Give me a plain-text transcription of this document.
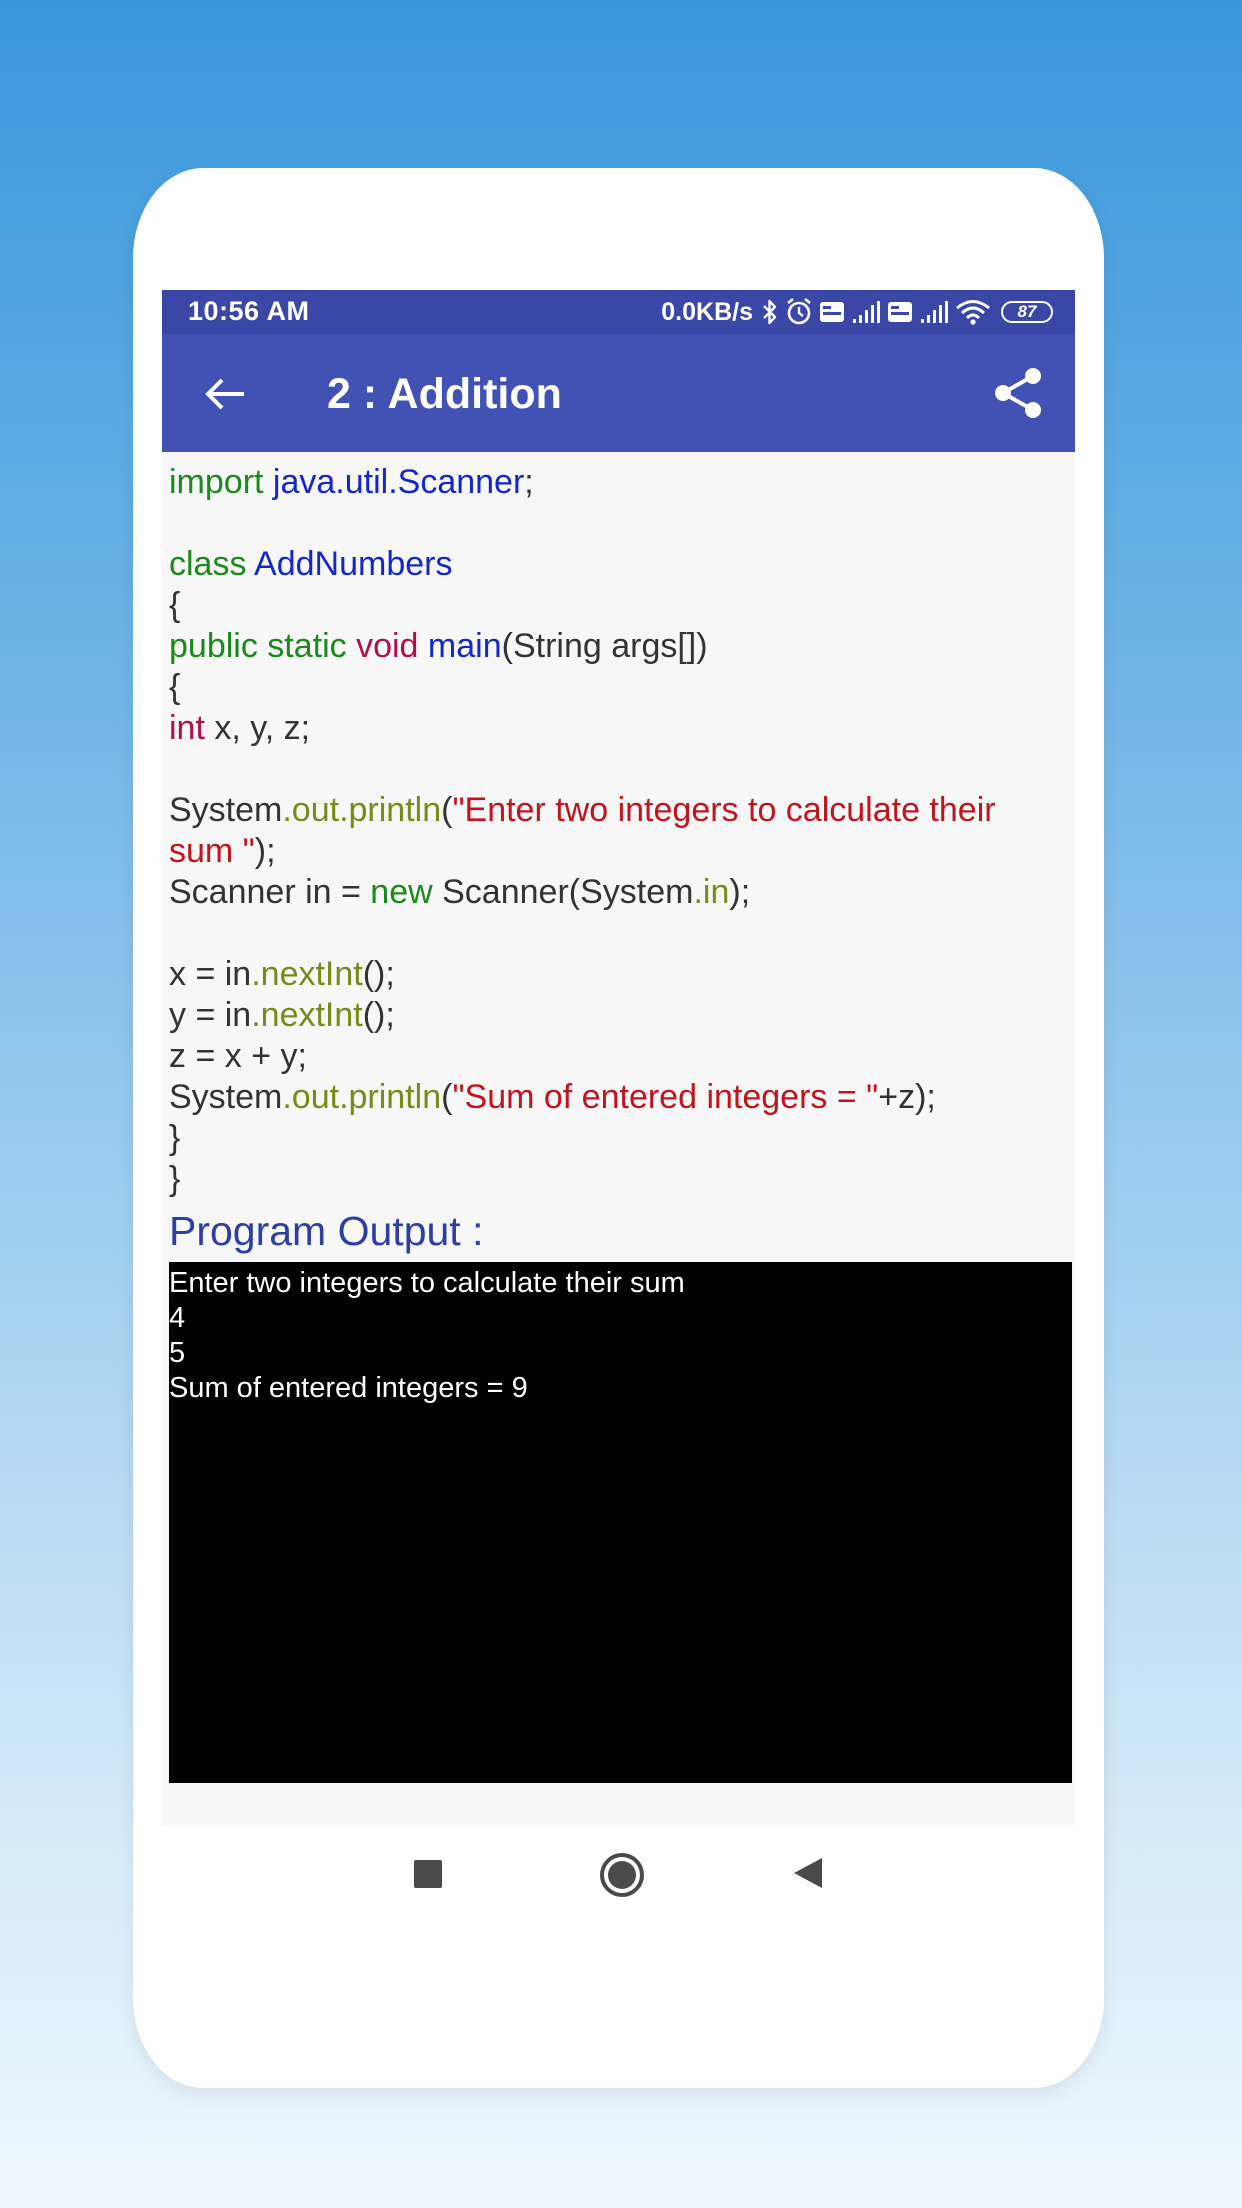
10:56 AM	0.0KB/s	87
2 : Addition
import java.util.Scanner;
class AddNumbers
{
public static void main(String args[])
{
int x, y, z;
System.out.println("Enter two integers to calculate their sum ");
Scanner in = new Scanner(System.in);
x = in.nextInt();
y = in.nextInt();
z = x + y;
System.out.println("Sum of entered integers = "+z);
}
}
Program Output :
Enter two integers to calculate their sum
4
5
Sum of entered integers = 9
